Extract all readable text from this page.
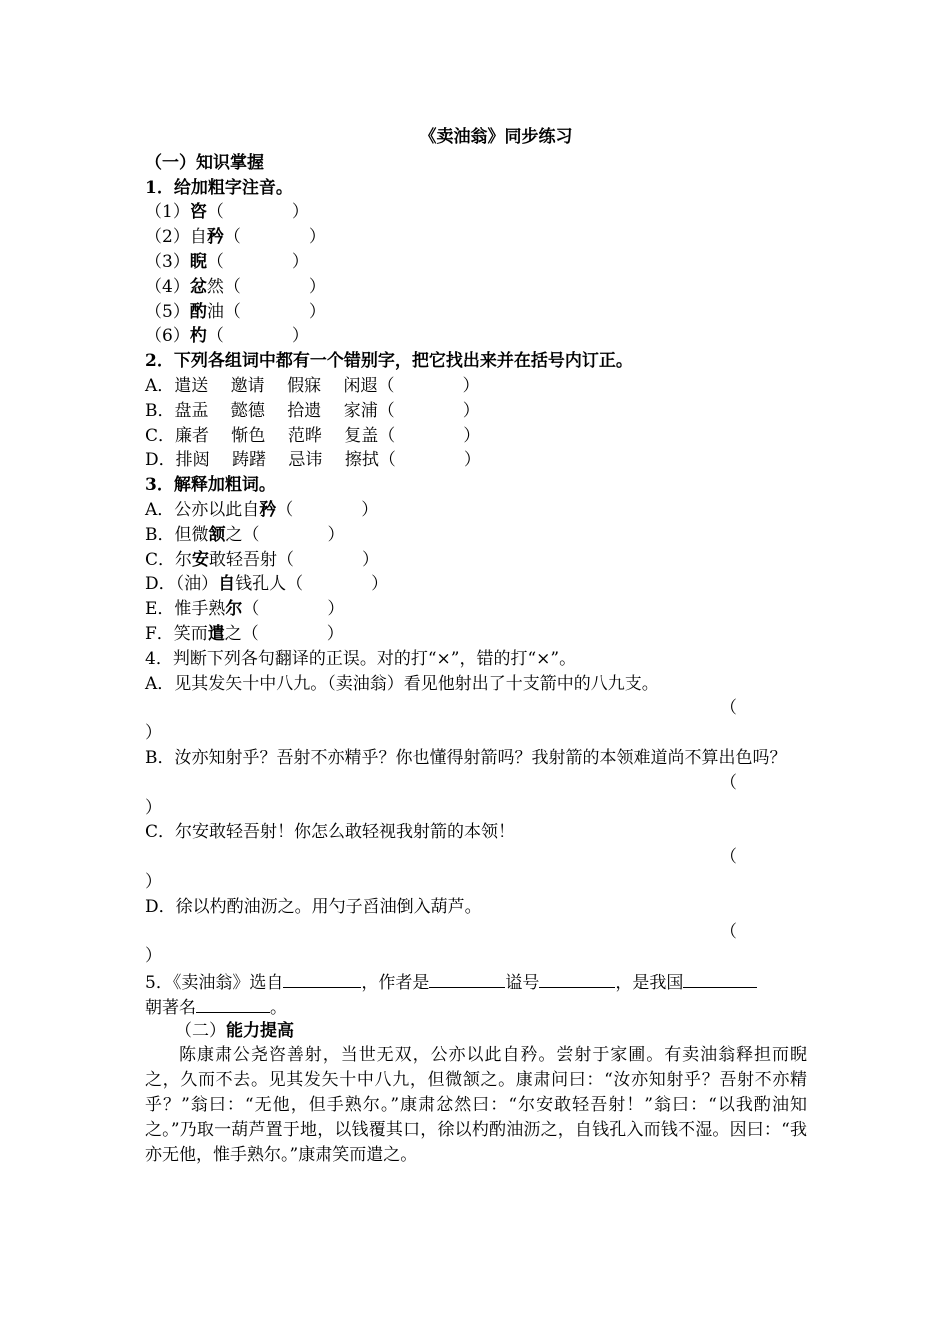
《卖油翁》同步练习
（一）知识掌握
1．给加粗字注音。
（1）咨（　　　　）
（2）自矜（　　　　）
（3）睨（　　　　）
（4）忿然（　　　　）
（5）酌油（　　　　）
（6）杓（　　　　）
2．下列各组词中都有一个错别字，把它找出来并在括号内订正。
A．遣送　 邀请　 假寐　 闲遐（　　　　）
B．盘盂　 懿德　 拾遗　 家浦（　　　　）
C．廉者　 惭色　 范晔　 复盖（　　　　）
D．排闼　 踌躇　 忌讳　 擦拭（　　　　）
3．解释加粗词。
A．公亦以此自矜（　　　　）
B．但微颔之（　　　　）
C．尔安敢轻吾射（　　　　）
D．（油）自钱孔人（　　　　）
E．惟手熟尔（　　　　）
F．笑而遣之（　　　　）
4．判断下列各句翻译的正误。对的打“×”，错的打“×”。
A．见其发矢十中八九。（卖油翁）看见他射出了十支箭中的八九支。
（
）
B．汝亦知射乎？吾射不亦精乎？你也懂得射箭吗？我射箭的本领难道尚不算出色吗？
（
）
C．尔安敢轻吾射！你怎么敢轻视我射箭的本领！
（
）
D．徐以杓酌油沥之。用勺子舀油倒入葫芦。
（
）
5．《卖油翁》选自	，作者是	谥号	，是我国
朝著名	。
（二）能力提高
陈康肃公尧咨善射，当世无双，公亦以此自矜。尝射于家圃。有卖油翁释担而睨之，久而不去。见其发矢十中八九，但微颔之。康肃问曰：“汝亦知射乎？吾射不亦精乎？”翁曰：“无他，但手熟尔。”康肃忿然曰：“尔安敢轻吾射！”翁曰：“以我酌油知之。”乃取一葫芦置于地，以钱覆其口，徐以杓酌油沥之，自钱孔入而钱不湿。因曰：“我亦无他，惟手熟尔。”康肃笑而遣之。
